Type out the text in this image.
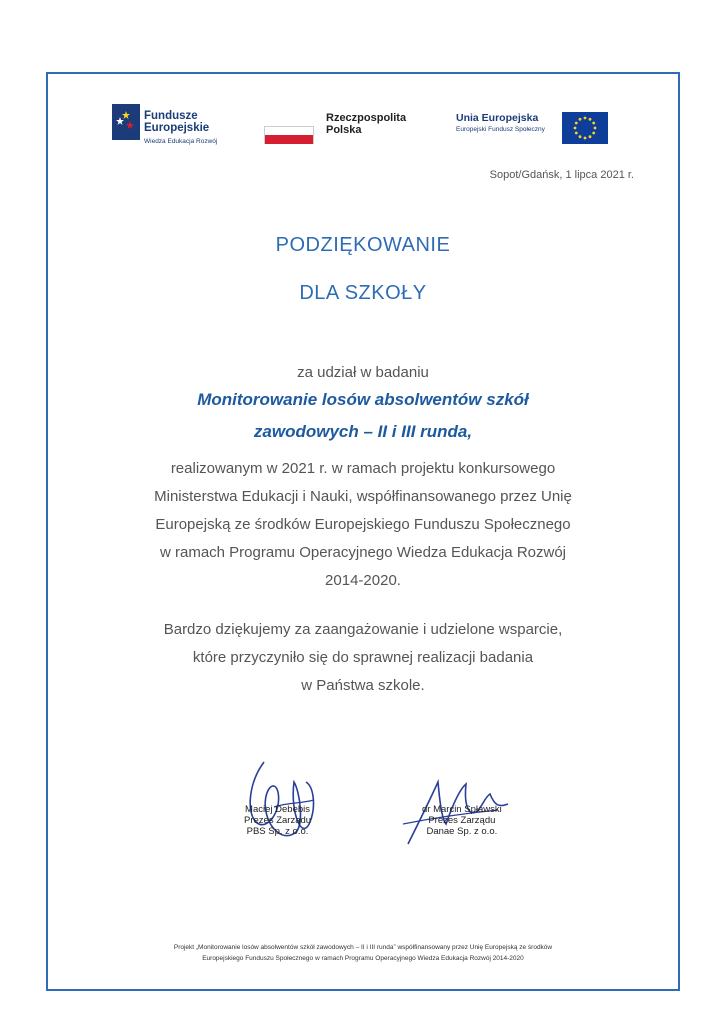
Fundusze
Europejskie
Wiedza Edukacja Rozwój
Rzeczpospolita
Polska
Unia Europejska
Europejski Fundusz Społeczny
Sopot/Gdańsk, 1 lipca 2021 r.
PODZIĘKOWANIE
DLA SZKOŁY
za udział w badaniu
Monitorowanie losów absolwentów szkół
zawodowych – II i III runda,
realizowanym w 2021 r. w ramach projektu konkursowego
Ministerstwa Edukacji i Nauki, współfinansowanego przez Unię
Europejską ze środków Europejskiego Funduszu Społecznego
w ramach Programu Operacyjnego Wiedza Edukacja Rozwój
2014-2020.
Bardzo dziękujemy za zaangażowanie i udzielone wsparcie,
które przyczyniło się do sprawnej realizacji badania
w Państwa szkole.
Maciej Debebis
Prezes Zarządu
PBS Sp. z o.o.
dr Marcin Spławski
Prezes Zarządu
Danae Sp. z o.o.
Projekt „Monitorowanie losów absolwentów szkół zawodowych – II i III runda” współfinansowany przez Unię Europejską ze środków
Europejskiego Funduszu Społecznego w ramach Programu Operacyjnego Wiedza Edukacja Rozwój 2014-2020
